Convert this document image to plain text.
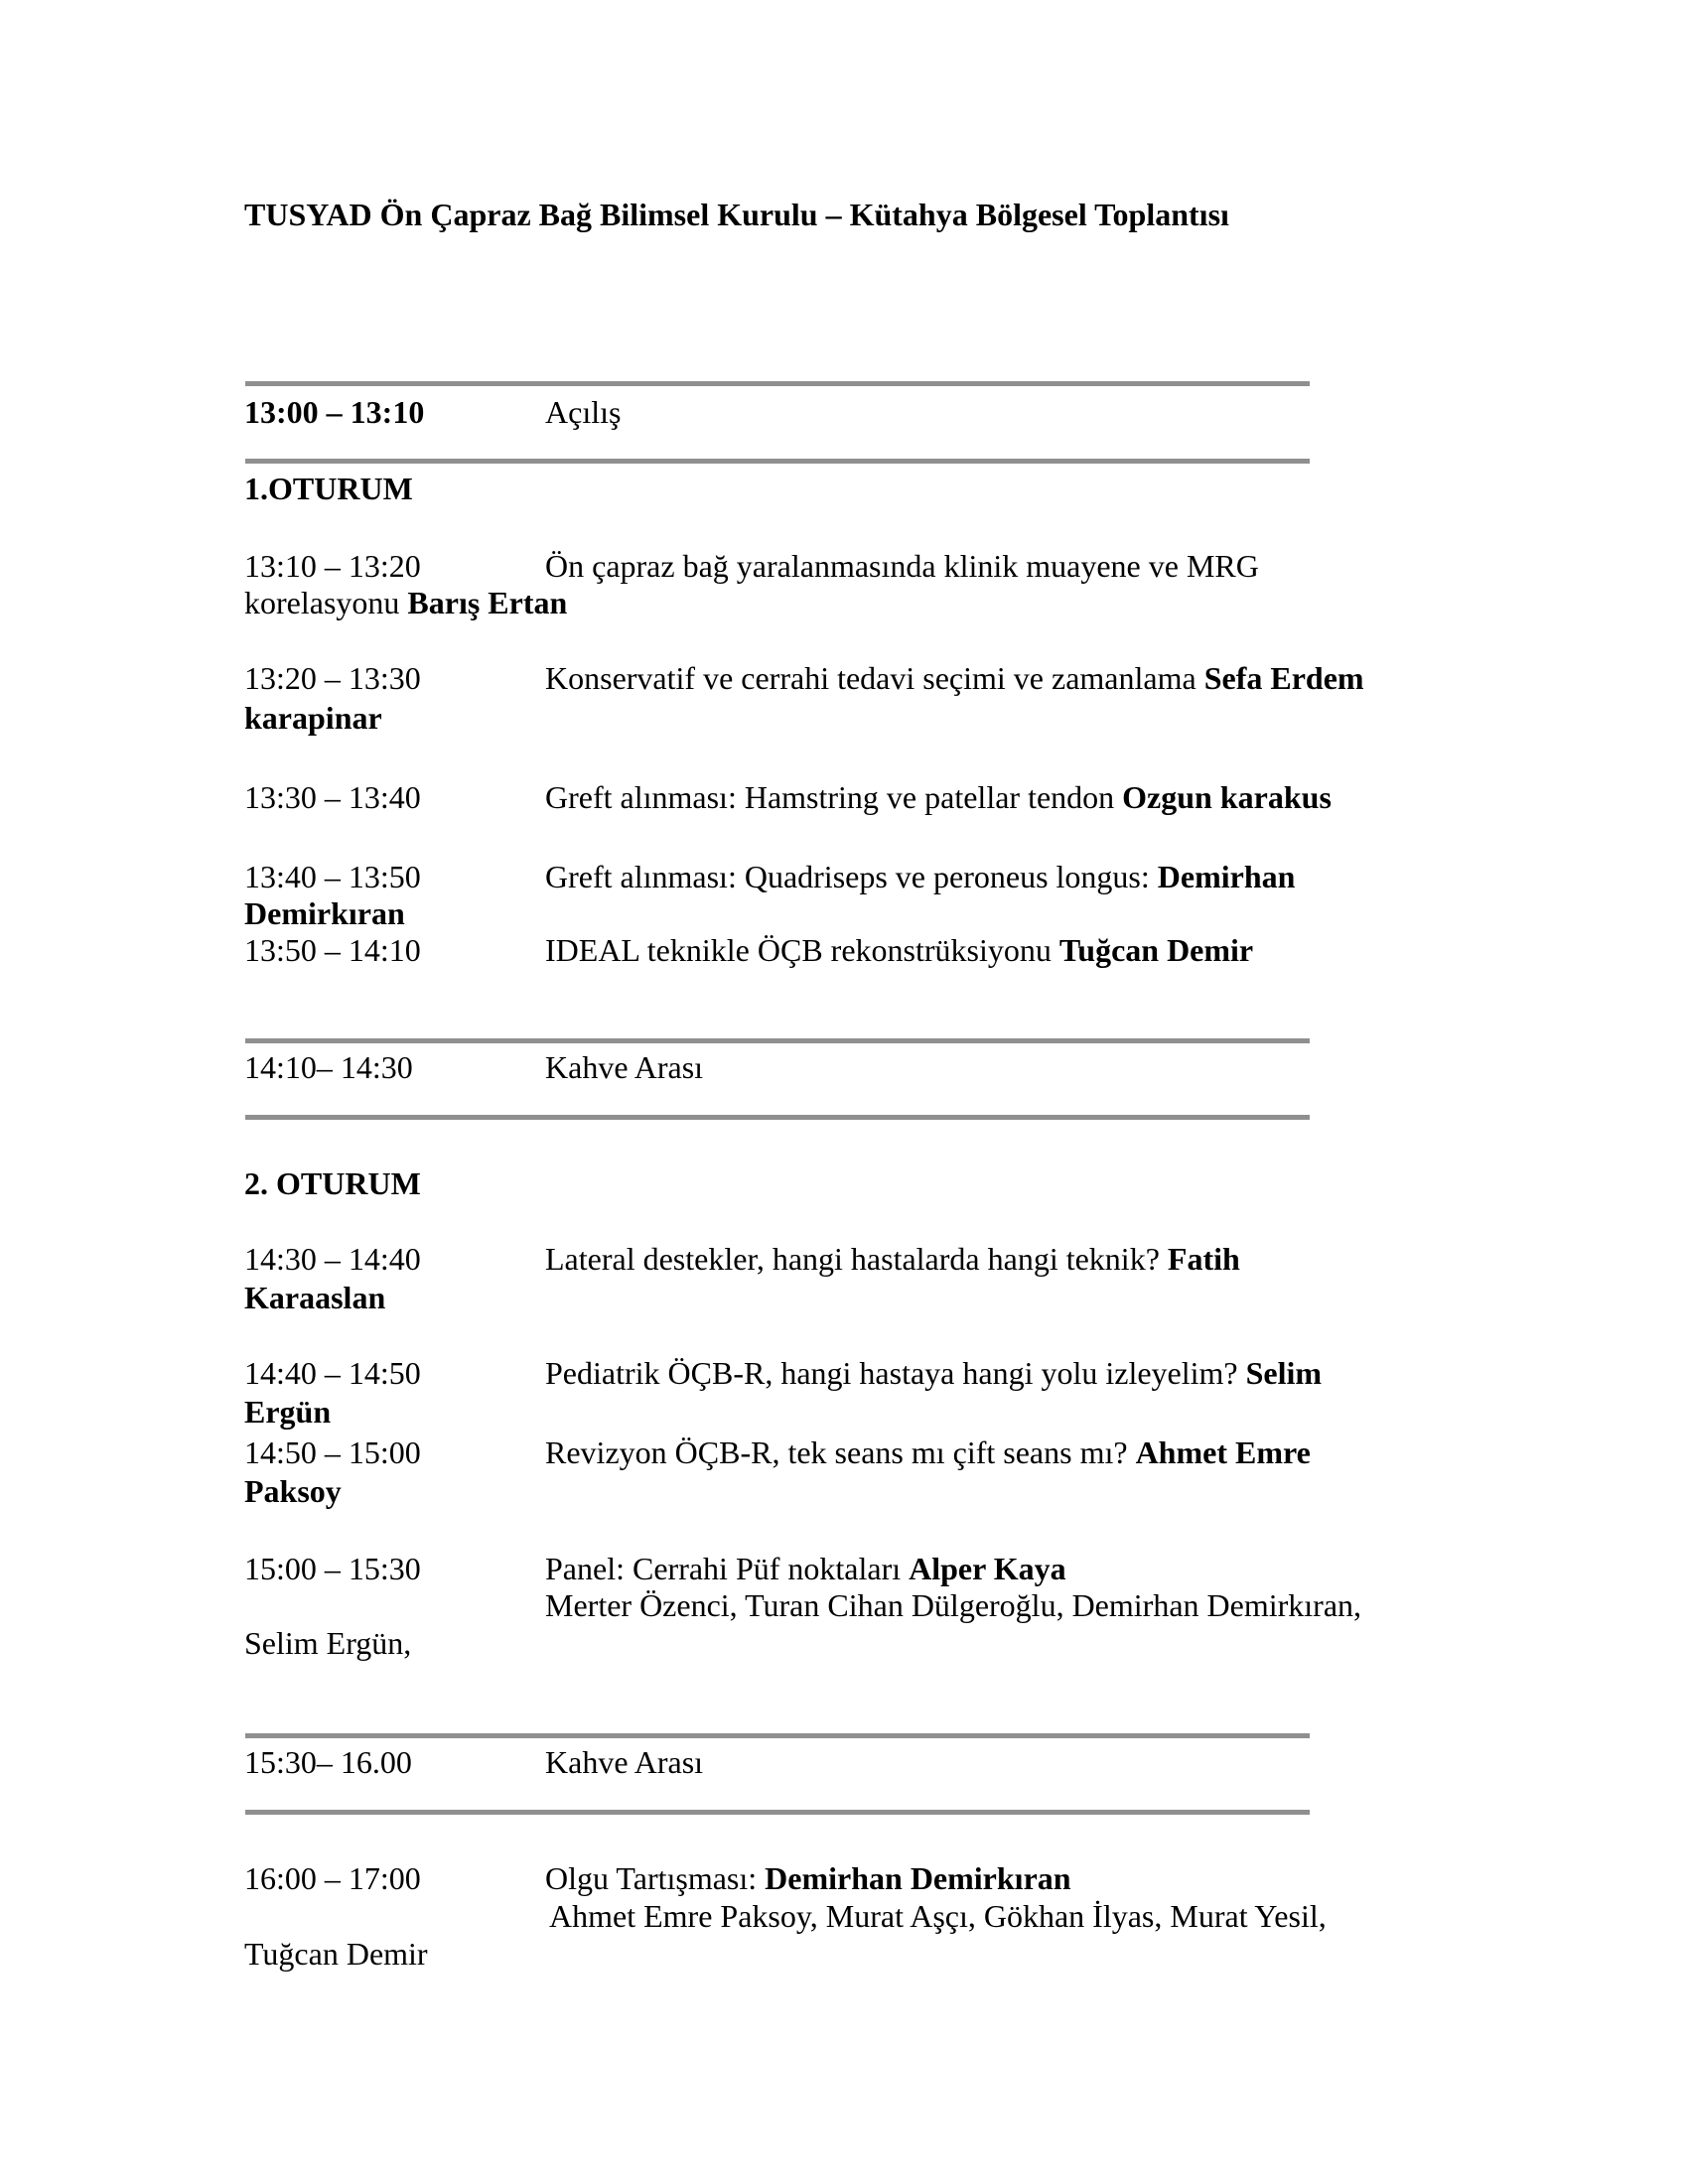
TUSYAD Ön Çapraz Bağ Bilimsel Kurulu – Kütahya Bölgesel Toplantısı
13:00 – 13:10	Açılış
1.OTURUM
13:10 – 13:20	Ön çapraz bağ yaralanmasında klinik muayene ve MRG
korelasyonu Barış Ertan
13:20 – 13:30	Konservatif ve cerrahi tedavi seçimi ve zamanlama Sefa Erdem
karapinar
13:30 – 13:40	Greft alınması: Hamstring ve patellar tendon Ozgun karakus
13:40 – 13:50	Greft alınması: Quadriseps ve peroneus longus: Demirhan
Demirkıran
13:50 – 14:10	IDEAL teknikle ÖÇB rekonstrüksiyonu Tuğcan Demir
14:10– 14:30	Kahve Arası
2. OTURUM
14:30 – 14:40	Lateral destekler, hangi hastalarda hangi teknik? Fatih
Karaaslan
14:40 – 14:50	Pediatrik ÖÇB-R, hangi hastaya hangi yolu izleyelim? Selim
Ergün
14:50 – 15:00	Revizyon ÖÇB-R, tek seans mı çift seans mı? Ahmet Emre
Paksoy
15:00 – 15:30	Panel: Cerrahi Püf noktaları Alper Kaya
Merter Özenci, Turan Cihan Dülgeroğlu, Demirhan Demirkıran,
Selim Ergün,
15:30– 16.00	Kahve Arası
16:00 – 17:00	Olgu Tartışması: Demirhan Demirkıran
Ahmet Emre Paksoy, Murat Aşçı, Gökhan İlyas, Murat Yesil,
Tuğcan Demir
